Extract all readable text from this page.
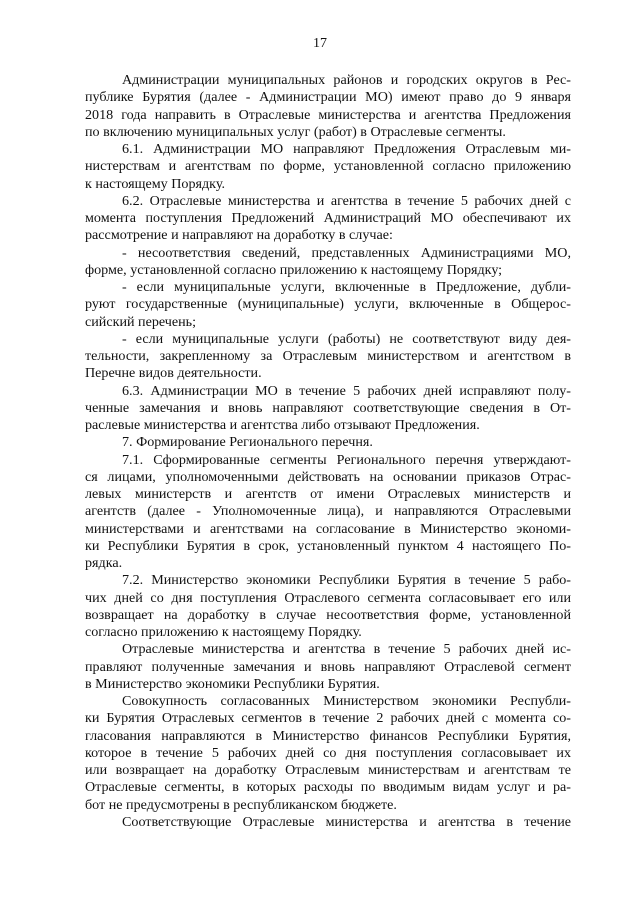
17
Администрации муниципальных районов и городских округов в Рес-
публике Бурятия (далее - Администрации МО) имеют право до 9 января
2018 года направить в Отраслевые министерства и агентства Предложения
по включению муниципальных услуг (работ) в Отраслевые сегменты.
6.1. Администрации МО направляют Предложения Отраслевым ми-
нистерствам и агентствам по форме, установленной согласно приложению
к настоящему Порядку.
6.2. Отраслевые министерства и агентства в течение 5 рабочих дней с
момента поступления Предложений Администраций МО обеспечивают их
рассмотрение и направляют на доработку в случае:
- несоответствия сведений, представленных Администрациями МО,
форме, установленной согласно приложению к настоящему Порядку;
- если муниципальные услуги, включенные в Предложение, дубли-
руют государственные (муниципальные) услуги, включенные в Общерос-
сийский перечень;
- если муниципальные услуги (работы) не соответствуют виду дея-
тельности, закрепленному за Отраслевым министерством и агентством в
Перечне видов деятельности.
6.3. Администрации МО в течение 5 рабочих дней исправляют полу-
ченные замечания и вновь направляют соответствующие сведения в От-
раслевые министерства и агентства либо отзывают Предложения.
7. Формирование Регионального перечня.
7.1. Сформированные сегменты Регионального перечня утверждают-
ся лицами, уполномоченными действовать на основании приказов Отрас-
левых министерств и агентств от имени Отраслевых министерств и
агентств (далее - Уполномоченные лица), и направляются Отраслевыми
министерствами и агентствами на согласование в Министерство экономи-
ки Республики Бурятия в срок, установленный пунктом 4 настоящего По-
рядка.
7.2. Министерство экономики Республики Бурятия в течение 5 рабо-
чих дней со дня поступления Отраслевого сегмента согласовывает его или
возвращает на доработку в случае несоответствия форме, установленной
согласно приложению к настоящему Порядку.
Отраслевые министерства и агентства в течение 5 рабочих дней ис-
правляют полученные замечания и вновь направляют Отраслевой сегмент
в Министерство экономики Республики Бурятия.
Совокупность согласованных Министерством экономики Республи-
ки Бурятия Отраслевых сегментов в течение 2 рабочих дней с момента со-
гласования направляются в Министерство финансов Республики Бурятия,
которое в течение 5 рабочих дней со дня поступления согласовывает их
или возвращает на доработку Отраслевым министерствам и агентствам те
Отраслевые сегменты, в которых расходы по вводимым видам услуг и ра-
бот не предусмотрены в республиканском бюджете.
Соответствующие Отраслевые министерства и агентства в течение
